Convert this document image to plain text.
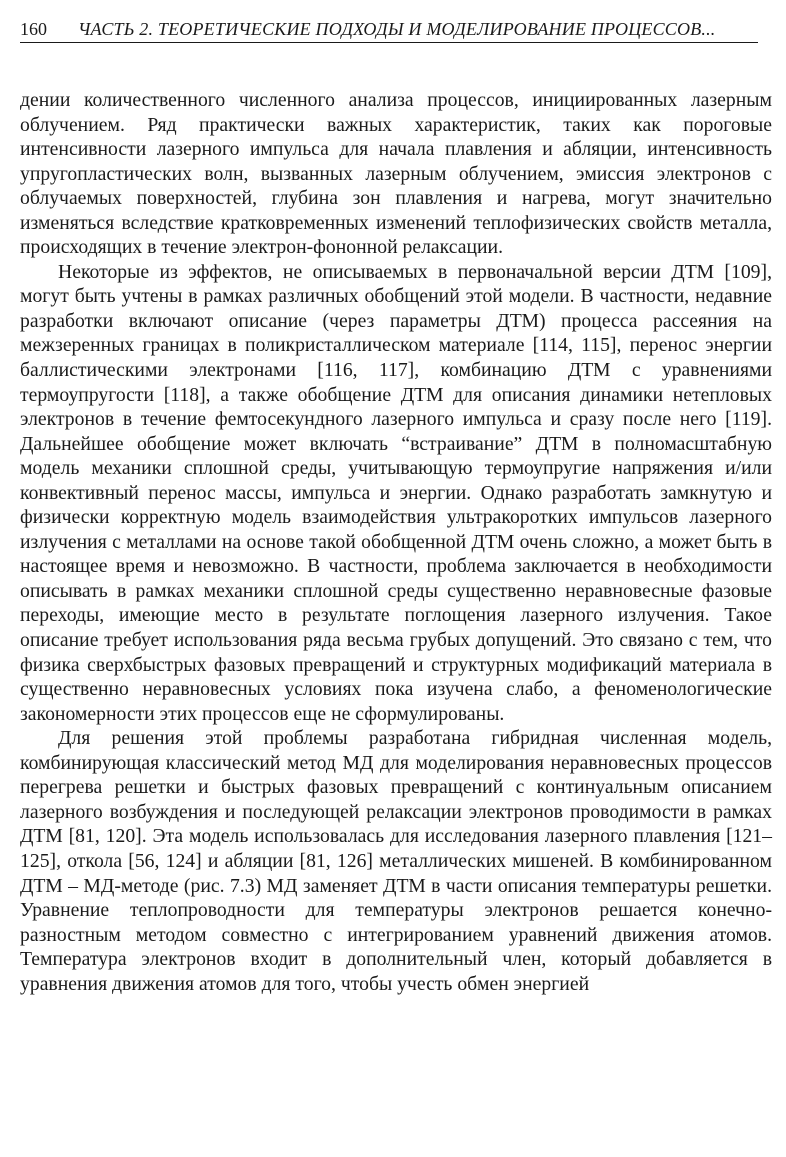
160 ЧАСТЬ 2. ТЕОРЕТИЧЕСКИЕ ПОДХОДЫ И МОДЕЛИРОВАНИЕ ПРОЦЕССОВ...

дении количественного численного анализа процессов, инициированных лазерным облучением. Ряд практически важных характеристик, таких как пороговые интенсивности лазерного импульса для начала плавления и абляции, интенсивность упругопластических волн, вызванных лазерным облучением, эмиссия электронов с облучаемых поверхностей, глубина зон плавления и нагрева, могут значительно изменяться вследствие кратковременных изменений теплофизических свойств металла, происходящих в течение электрон-фононной релаксации.

Некоторые из эффектов, не описываемых в первоначальной версии ДТМ [109], могут быть учтены в рамках различных обобщений этой модели. В частности, недавние разработки включают описание (через параметры ДТМ) процесса рассеяния на межзеренных границах в поликристаллическом материале [114, 115], перенос энергии баллистическими электронами [116, 117], комбинацию ДТМ с уравнениями термоупругости [118], а также обобщение ДТМ для описания динамики нетепловых электронов в течение фемтосекундного лазерного импульса и сразу после него [119]. Дальнейшее обобщение может включать “встраивание” ДТМ в полномасштабную модель механики сплошной среды, учитывающую термоупругие напряжения и/или конвективный перенос массы, импульса и энергии. Однако разработать замкнутую и физически корректную модель взаимодействия ультракоротких импульсов лазерного излучения с металлами на основе такой обобщенной ДТМ очень сложно, а может быть в настоящее время и невозможно. В частности, проблема заключается в необходимости описывать в рамках механики сплошной среды существенно неравновесные фазовые переходы, имеющие место в результате поглощения лазерного излучения. Такое описание требует использования ряда весьма грубых допущений. Это связано с тем, что физика сверхбыстрых фазовых превращений и структурных модификаций материала в существенно неравновесных условиях пока изучена слабо, а феноменологические закономерности этих процессов еще не сформулированы.

Для решения этой проблемы разработана гибридная численная модель, комбинирующая классический метод МД для моделирования неравновесных процессов перегрева решетки и быстрых фазовых превращений с континуальным описанием лазерного возбуждения и последующей релаксации электронов проводимости в рамках ДТМ [81, 120]. Эта модель использовалась для исследования лазерного плавления [121–125], откола [56, 124] и абляции [81, 126] металлических мишеней. В комбинированном ДТМ – МД-методе (рис. 7.3) МД заменяет ДТМ в части описания температуры решетки. Уравнение теплопроводности для температуры электронов решается конечно-разностным методом совместно с интегрированием уравнений движения атомов. Температура электронов входит в дополнительный член, который добавляется в уравнения движения атомов для того, чтобы учесть обмен энергией
